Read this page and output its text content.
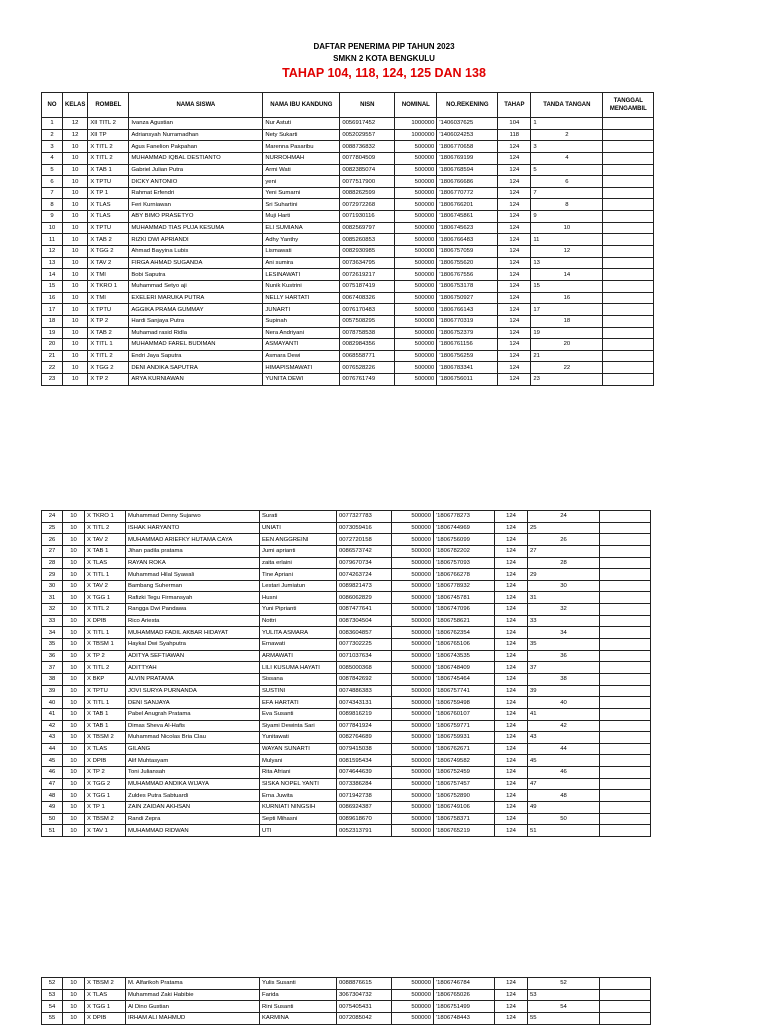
DAFTAR PENERIMA PIP TAHUN 2023
SMKN 2 KOTA BENGKULU
TAHAP 104, 118, 124, 125 DAN 138
NO	KELAS	ROMBEL	NAMA SISWA	NAMA IBU KANDUNG	NISN	NOMINAL	NO.REKENING	TAHAP	TANDA TANGAN	TANGGAL MENGAMBIL
1	12	XII TITL 2	Ivanza Agustian	Nur Astuti	0056917452	1000000	'1406037625	104	1	
2	12	XII TP	Adriansyah Nurramadhan	Nety Sukarti	0052029557	1000000	'1406024253	118	2	
3	10	X TITL 2	Agus Fanelion Pakpahan	Marenna Pasaribu	0088736832	500000	'1806770658	124	3	
4	10	X TITL 2	MUHAMMAD IQBAL DESTIANTO	NURROHMAH	0077804509	500000	'1806769199	124	4	
5	10	X TAB 1	Gabriel Julian Putra	Armi Wati	0082385074	500000	'1806768594	124	5	
6	10	X TPTU	DICKY ANTONIO	yeni	0077517900	500000	'1806766686	124	6	
7	10	X TP 1	Rahmat Erfendri	Yeni Sumarni	0088262599	500000	'1806770772	124	7	
8	10	X TLAS	Feri Kurniawan	Sri Suhartini	0072972268	500000	'1806766201	124	8	
9	10	X TLAS	ABY BIMO PRASETYO	Muji Harti	0071930116	500000	'1806745861	124	9	
10	10	X TPTU	MUHAMMAD TIAS PUJA KESUMA	ELI SUMIANA	0082569797	500000	'1806745623	124	10	
11	10	X TAB 2	RIZKI DWI APRIANDI	Adhy Yanthy	0085260853	500000	'1806766483	124	11	
12	10	X TGG 2	Ahmad Bayyina Lubis	Lismawati	0082930985	500000	'1806757059	124	12	
13	10	X TAV 2	FIRGA AHMAD SUGANDA	Ani sumira	0073634795	500000	'1806755620	124	13	
14	10	X TMI	Bobi Saputra	LESINAWATI	0072619217	500000	'1806767556	124	14	
15	10	X TKRO 1	Muhammad Setyo aji	Nunik Kustrini	0075187419	500000	'1806753178	124	15	
16	10	X TMI	EXELERI MARUKA PUTRA	NELLY HARTATI	0067408326	500000	'1806750927	124	16	
17	10	X TPTU	AGGIKA PRAMA GUMMAY	JUNARTI	0076170483	500000	'1806766143	124	17	
18	10	X TP 2	Hardi Sanjaya Putra	Supinah	0057508295	500000	'1806770319	124	18	
19	10	X TAB 2	Muhamad rasid Ridla	Nera Andriyani	0078758538	500000	'1806752379	124	19	
20	10	X TITL 1	MUHAMMAD FAREL BUDIMAN	ASMAYANTI	0082984356	500000	'1806761156	124	20	
21	10	X TITL 2	Endri Jaya Saputra	Asmara Dewi	0068558771	500000	'1806756259	124	21	
22	10	X TGG 2	DENI ANDIKA SAPUTRA	HIMAPISMAWATI	0076528226	500000	'1806783341	124	22	
23	10	X TP 2	ARYA KURNIAWAN	YUNITA DEWI	0076761749	500000	'1806756011	124	23	
24	10	X TKRO 1	Muhammad Denny Sujarwo	Surati	0077327783	500000	'1806778273	124	24	
25	10	X TITL 2	ISHAK HARYANTO	UNIATI	0073059416	500000	'1806744969	124	25	
26	10	X TAV 2	MUHAMMAD ARIEFKY HUTAMA CAYA	EEN ANGGREINI	0072720158	500000	'1806756099	124	26	
27	10	X TAB 1	Jihan padila pratama	Jumi aprianti	0086573742	500000	'1806782202	124	27	
28	10	X TLAS	RAYAN ROKA	zaita erlaini	0079670734	500000	'1806757093	124	28	
29	10	X TITL 1	Muhammad Hilal Syawali	Tine Apriani	0074263724	500000	'1806766278	124	29	
30	10	X TAV 2	Bambang Suherman	Lestari Jumiatun	0089821473	500000	'1806778932	124	30	
31	10	X TGG 1	Rafizki Tegu Firmansyah	Husni	0086062829	500000	'1806745781	124	31	
32	10	X TITL 2	Rangga Dwi Pandawa	Yuni Piprianti	0087477641	500000	'1806747096	124	32	
33	10	X DPIB	Rico Ariesta	Nottri	0087304504	500000	'1806758621	124	33	
34	10	X TITL 1	MUHAMMAD FADIL AKBAR HIDAYAT	YULITA ASMARA	0083604857	500000	'1806762354	124	34	
35	10	X TBSM 1	Haykal Dwi Syahputra	Ernawati	0077302225	500000	'1806765106	124	35	
36	10	X TP 2	ADITYA SEFTIAWAN	ARMAWATI	0071037634	500000	'1806743535	124	36	
37	10	X TITL 2	ADITTYAH	LILI KUSUMA HAYATI	0085000368	500000	'1806748409	124	37	
38	10	X BKP	ALVIN PRATAMA	Sissana	0087842692	500000	'1806745464	124	38	
39	10	X TPTU	JOVI SURYA PURNANDA	SUSTINI	0074886383	500000	'1806757741	124	39	
40	10	X TITL 1	DENI SANJAYA	EFA HARTATI	0074343131	500000	'1806759498	124	40	
41	10	X TAB 1	Pabel Anugrah Pratama	Eva Susanti	0089816219	500000	'1806760107	124	41	
42	10	X TAB 1	Dimas Sheva Al-Hafis	Siyami Dewinta Sari	0077841924	500000	'1806759771	124	42	
43	10	X TBSM 2	Muhammad Nicolas Bria Clau	Yunitawati	0082764689	500000	'1806759931	124	43	
44	10	X TLAS	GILANG	WAYAN SUNARTI	0079415038	500000	'1806762671	124	44	
45	10	X DPIB	Alif Muhtasyam	Mulyani	0081595434	500000	'1806749582	124	45	
46	10	X TP 2	Toni Juliansah	Rita Afriani	0074644639	500000	'1806752459	124	46	
47	10	X TGG 2	MUHAMMAD ANDIKA WIJAYA	SISKA NOPEL YANTI	0073386284	500000	'1806757457	124	47	
48	10	X TGG 1	Zuldes Putra Sabtuardi	Erna Juwita	0071942738	500000	'1806752890	124	48	
49	10	X TP 1	ZAIN ZAIDAN AKHSAN	KURNIATI NINGSIH	0086924387	500000	'1806749106	124	49	
50	10	X TBSM 2	Randi Zepra	Septi Mihasni	0089618670	500000	'1806758371	124	50	
51	10	X TAV 1	MUHAMMAD RIDWAN	UTI	0052313791	500000	'1806765219	124	51	
52	10	X TBSM 2	M. Alfarikoh Pratama	Yulis Susanti	0088876615	500000	'1806746784	124	52	
53	10	X TLAS	Muhammad Zaki Habibie	Farida	3067304732	500000	'1806765026	124	53	
54	10	X TGG 1	Al Dino Gustian	Rini Susanti	0075405431	500000	'1806751499	124	54	
55	10	X DPIB	IRHAM ALI MAHMUD	KARMINA	0072085042	500000	'1806748443	124	55	
